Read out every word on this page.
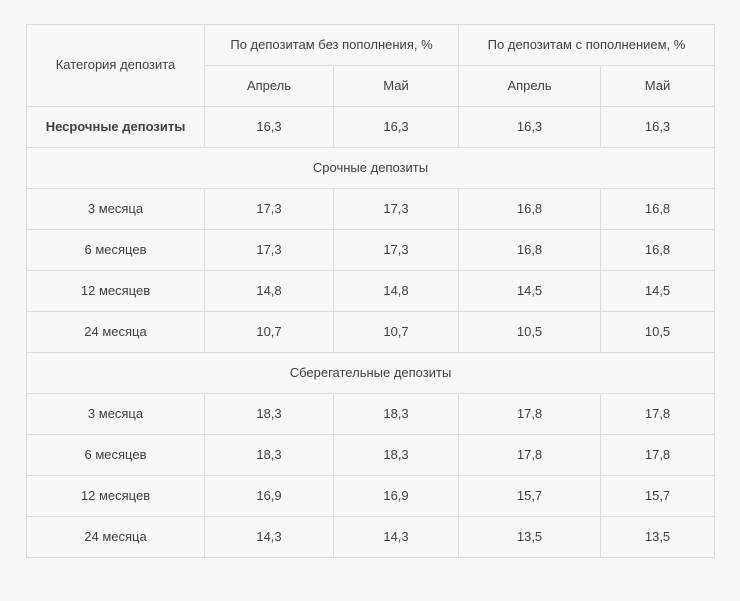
Категория депозита	По депозитам без пополнения, %		По депозитам с пополнением, %	
	Апрель	Май	Апрель	Май
Несрочные депозиты	16,3	16,3	16,3	16,3
Срочные депозиты				
3 месяца	17,3	17,3	16,8	16,8
6 месяцев	17,3	17,3	16,8	16,8
12 месяцев	14,8	14,8	14,5	14,5
24 месяца	10,7	10,7	10,5	10,5
Сберегательные депозиты				
3 месяца	18,3	18,3	17,8	17,8
6 месяцев	18,3	18,3	17,8	17,8
12 месяцев	16,9	16,9	15,7	15,7
24 месяца	14,3	14,3	13,5	13,5
